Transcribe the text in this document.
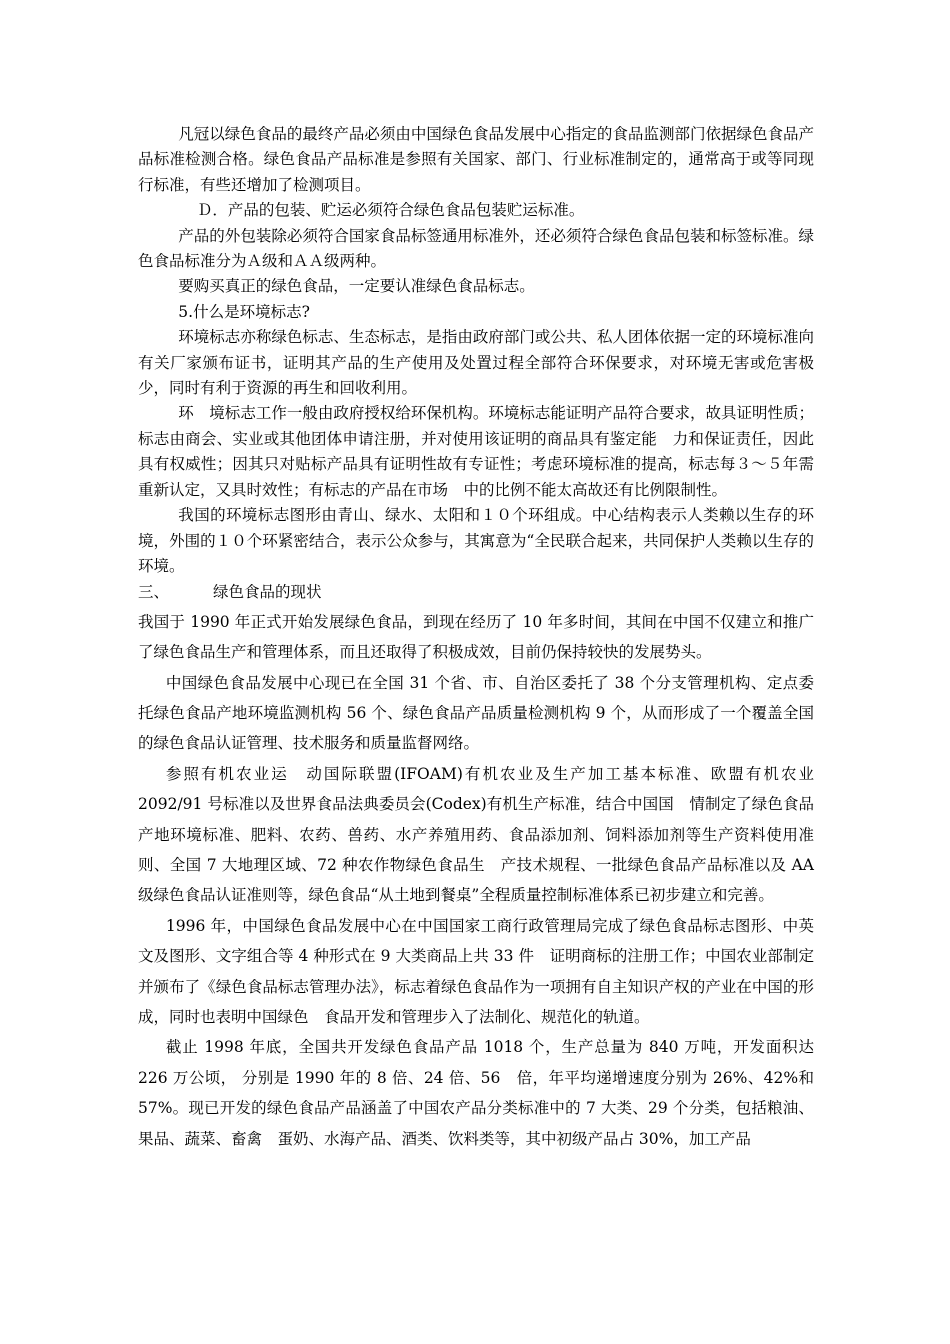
凡冠以绿色食品的最终产品必须由中国绿色食品发展中心指定的食品监测部门依据绿色食品产品标准检测合格。绿色食品产品标准是参照有关国家、部门、行业标准制定的，通常高于或等同现行标准，有些还增加了检测项目。

Ｄ．产品的包装、贮运必须符合绿色食品包装贮运标准。

产品的外包装除必须符合国家食品标签通用标准外，还必须符合绿色食品包装和标签标准。绿色食品标准分为Ａ级和ＡＡ级两种。

要购买真正的绿色食品，一定要认准绿色食品标志。

5.什么是环境标志?

环境标志亦称绿色标志、生态标志，是指由政府部门或公共、私人团体依据一定的环境标准向有关厂家颁布证书，证明其产品的生产使用及处置过程全部符合环保要求，对环境无害或危害极少，同时有利于资源的再生和回收利用。

环　境标志工作一般由政府授权给环保机构。环境标志能证明产品符合要求，故具证明性质；标志由商会、实业或其他团体申请注册，并对使用该证明的商品具有鉴定能　力和保证责任，因此具有权威性；因其只对贴标产品具有证明性故有专证性；考虑环境标准的提高，标志每３～５年需重新认定，又具时效性；有标志的产品在市场　中的比例不能太高故还有比例限制性。

我国的环境标志图形由青山、绿水、太阳和１０个环组成。中心结构表示人类赖以生存的环境，外围的１０个环紧密结合，表示公众参与，其寓意为“全民联合起来，共同保护人类赖以生存的环境。

三、	绿色食品的现状

我国于 1990 年正式开始发展绿色食品，到现在经历了 10 年多时间，其间在中国不仅建立和推广了绿色食品生产和管理体系，而且还取得了积极成效，目前仍保持较快的发展势头。

中国绿色食品发展中心现已在全国 31 个省、市、自治区委托了 38 个分支管理机构、定点委托绿色食品产地环境监测机构 56 个、绿色食品产品质量检测机构 9 个，从而形成了一个覆盖全国的绿色食品认证管理、技术服务和质量监督网络。

参照有机农业运　动国际联盟(IFOAM)有机农业及生产加工基本标准、欧盟有机农业 2092/91 号标准以及世界食品法典委员会(Codex)有机生产标准，结合中国国　情制定了绿色食品产地环境标准、肥料、农药、兽药、水产养殖用药、食品添加剂、饲料添加剂等生产资料使用准则、全国 7 大地理区域、72 种农作物绿色食品生　产技术规程、一批绿色食品产品标准以及 AA 级绿色食品认证准则等，绿色食品“从土地到餐桌”全程质量控制标准体系已初步建立和完善。

1996 年，中国绿色食品发展中心在中国国家工商行政管理局完成了绿色食品标志图形、中英文及图形、文字组合等 4 种形式在 9 大类商品上共 33 件　证明商标的注册工作；中国农业部制定并颁布了《绿色食品标志管理办法》，标志着绿色食品作为一项拥有自主知识产权的产业在中国的形成，同时也表明中国绿色　食品开发和管理步入了法制化、规范化的轨道。

截止 1998 年底，全国共开发绿色食品产品 1018 个，生产总量为 840 万吨，开发面积达 226 万公顷， 分别是 1990 年的 8 倍、24 倍、56　倍，年平均递增速度分别为 26%、42%和 57%。现已开发的绿色食品产品涵盖了中国农产品分类标准中的 7 大类、29 个分类，包括粮油、果品、蔬菜、畜禽　蛋奶、水海产品、酒类、饮料类等，其中初级产品占 30%，加工产品
